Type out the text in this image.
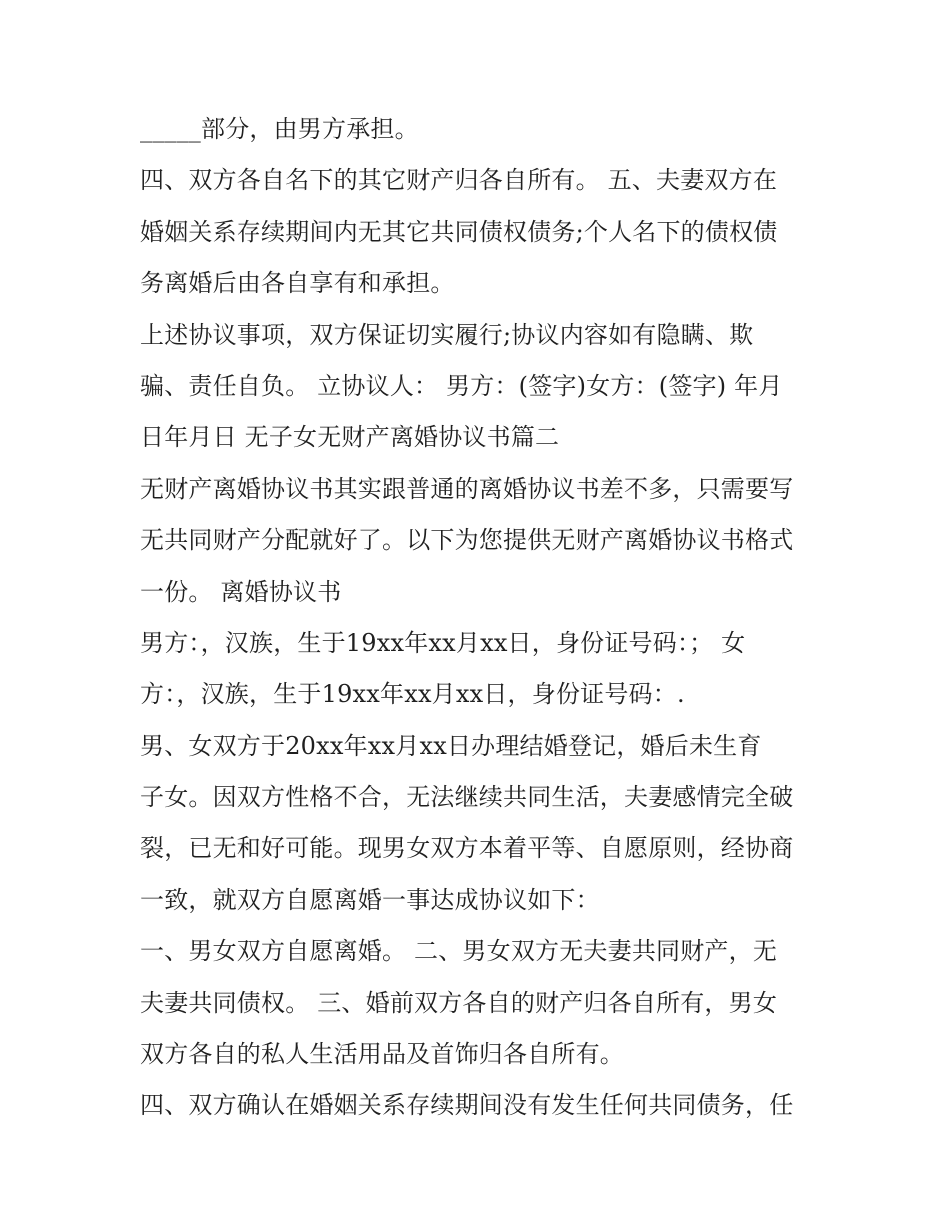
_____部分，由男方承担。
四、双方各自名下的其它财产归各自所有。 五、夫妻双方在
婚姻关系存续期间内无其它共同债权债务;个人名下的债权债
务离婚后由各自享有和承担。
上述协议事项，双方保证切实履行;协议内容如有隐瞒、欺
骗、责任自负。 立协议人： 男方：(签字)女方：(签字) 年月
日年月日 无子女无财产离婚协议书篇二
无财产离婚协议书其实跟普通的离婚协议书差不多，只需要写
无共同财产分配就好了。以下为您提供无财产离婚协议书格式
一份。 离婚协议书
男方：，汉族，生于19xx年xx月xx日，身份证号码：； 女
方：，汉族，生于19xx年xx月xx日，身份证号码：.
男、女双方于20xx年xx月xx日办理结婚登记，婚后未生育
子女。因双方性格不合，无法继续共同生活，夫妻感情完全破
裂，已无和好可能。现男女双方本着平等、自愿原则，经协商
一致，就双方自愿离婚一事达成协议如下：
一、男女双方自愿离婚。 二、男女双方无夫妻共同财产，无
夫妻共同债权。 三、婚前双方各自的财产归各自所有，男女
双方各自的私人生活用品及首饰归各自所有。
四、双方确认在婚姻关系存续期间没有发生任何共同债务，任
